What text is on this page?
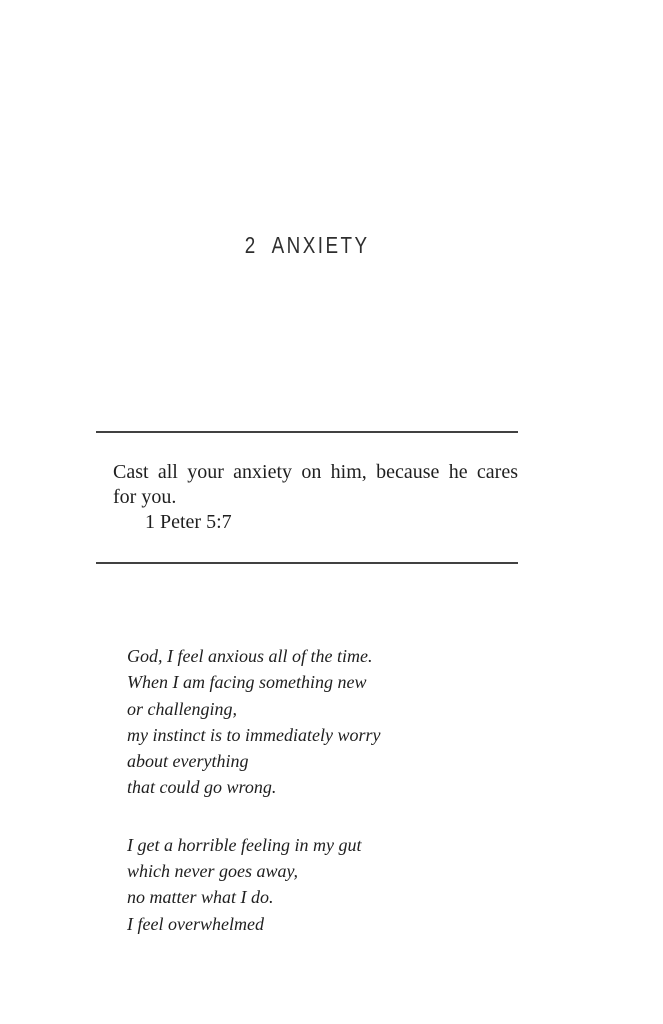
2 ANXIETY
Cast all your anxiety on him, because he cares
for you.
1 Peter 5:7
God, I feel anxious all of the time.
When I am facing something new
or challenging,
my instinct is to immediately worry
about everything
that could go wrong.
I get a horrible feeling in my gut
which never goes away,
no matter what I do.
I feel overwhelmed
